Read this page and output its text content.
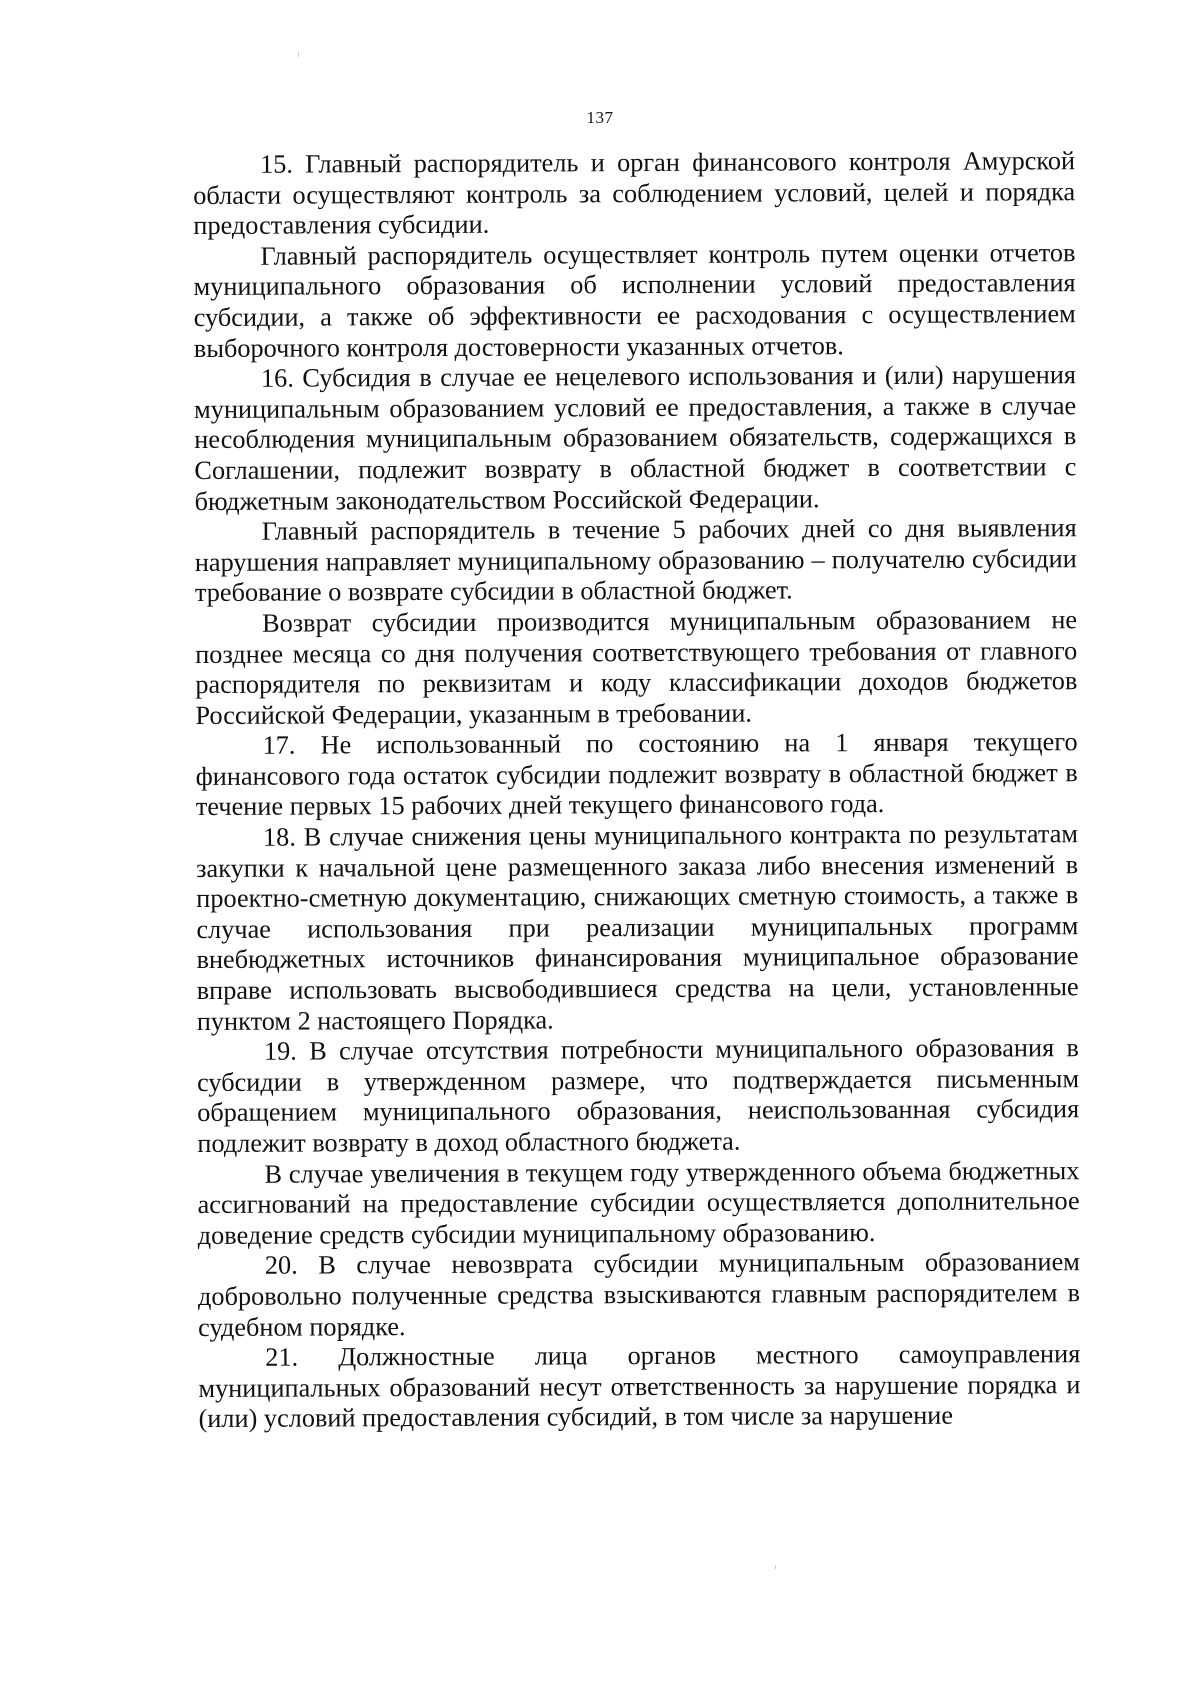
137

15. Главный распорядитель и орган финансового контроля Амурской области осуществляют контроль за соблюдением условий, целей и порядка предоставления субсидии.

Главный распорядитель осуществляет контроль путем оценки отчетов муниципального образования об исполнении условий предоставления субсидии, а также об эффективности ее расходования с осуществлением выборочного контроля достоверности указанных отчетов.

16. Субсидия в случае ее нецелевого использования и (или) нарушения муниципальным образованием условий ее предоставления, а также в случае несоблюдения муниципальным образованием обязательств, содержащихся в Соглашении, подлежит возврату в областной бюджет в соответствии с бюджетным законодательством Российской Федерации.

Главный распорядитель в течение 5 рабочих дней со дня выявления нарушения направляет муниципальному образованию – получателю субсидии требование о возврате субсидии в областной бюджет.

Возврат субсидии производится муниципальным образованием не позднее месяца со дня получения соответствующего требования от главного распорядителя по реквизитам и коду классификации доходов бюджетов Российской Федерации, указанным в требовании.

17. Не использованный по состоянию на 1 января текущего финансового года остаток субсидии подлежит возврату в областной бюджет в течение первых 15 рабочих дней текущего финансового года.

18. В случае снижения цены муниципального контракта по результатам закупки к начальной цене размещенного заказа либо внесения изменений в проектно-сметную документацию, снижающих сметную стоимость, а также в случае использования при реализации муниципальных программ внебюджетных источников финансирования муниципальное образование вправе использовать высвободившиеся средства на цели, установленные пунктом 2 настоящего Порядка.

19. В случае отсутствия потребности муниципального образования в субсидии в утвержденном размере, что подтверждается письменным обращением муниципального образования, неиспользованная субсидия подлежит возврату в доход областного бюджета.

В случае увеличения в текущем году утвержденного объема бюджетных ассигнований на предоставление субсидии осуществляется дополнительное доведение средств субсидии муниципальному образованию.

20. В случае невозврата субсидии муниципальным образованием добровольно полученные средства взыскиваются главным распорядителем в судебном порядке.

21. Должностные лица органов местного самоуправления муниципальных образований несут ответственность за нарушение порядка и (или) условий предоставления субсидий, в том числе за нарушение
